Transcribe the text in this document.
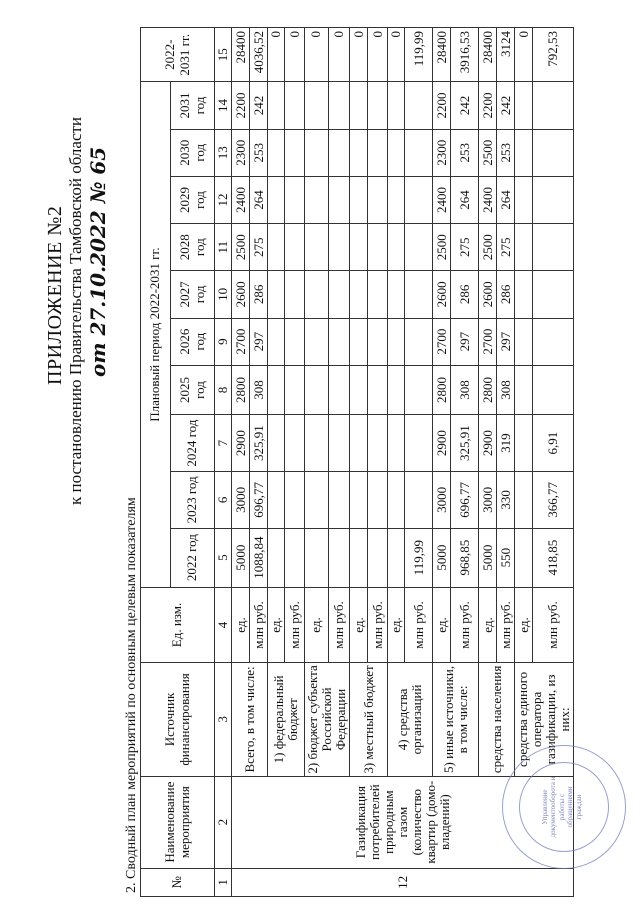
ПРИЛОЖЕНИЕ №2 к постановлению Правительства Тамбовской области от 27.10.2022 № 65
2. Сводный план мероприятий по основным целевым показателям №	Наименование мероприятия	Источник финансирования	Ед. изм.	Плановый период 2022-2031 гг.										2022-2031 гг.
				2022 год	2023 год	2024 год	2025 год	2026 год	2027 год	2028 год	2029 год	2030 год	2031 год	
1	2	3	4	5	6	7	8	9	10	11	12	13	14	15
12	Газификация потребителей природным газом (количество квартир (домо-владений)	Всего, в том числе:	ед.	5000	3000	2900	2800	2700	2600	2500	2400	2300	2200	28400
			млн руб.	1088,84	696,77	325,91	308	297	286	275	264	253	242	4036,52
		1) федеральный бюджет	ед.											0
			млн руб.											0
		2) бюджет субъекта Российской Федерации	ед.											0
			млн руб.											0
		3) местный бюджет	ед.											0
			млн руб.											0
		4) средства организаций	ед.											0
			млн руб.	119,99										119,99
		5) иные источники, в том числе:	ед.	5000	3000	2900	2800	2700	2600	2500	2400	2300	2200	28400
			млн руб.	968,85	696,77	325,91	308	297	286	275	264	253	242	3916,53
		средства населения	ед.	5000	3000	2900	2800	2700	2600	2500	2400	2500	2200	28400
			млн руб.	550	330	319	308	297	286	275	264	253	242	3124
		средства единого оператора газификации, из них:	ед.											0
			млн руб.	418,85	366,77	6,91								792,53
Управление документооборота и работы с обращениями граждан
